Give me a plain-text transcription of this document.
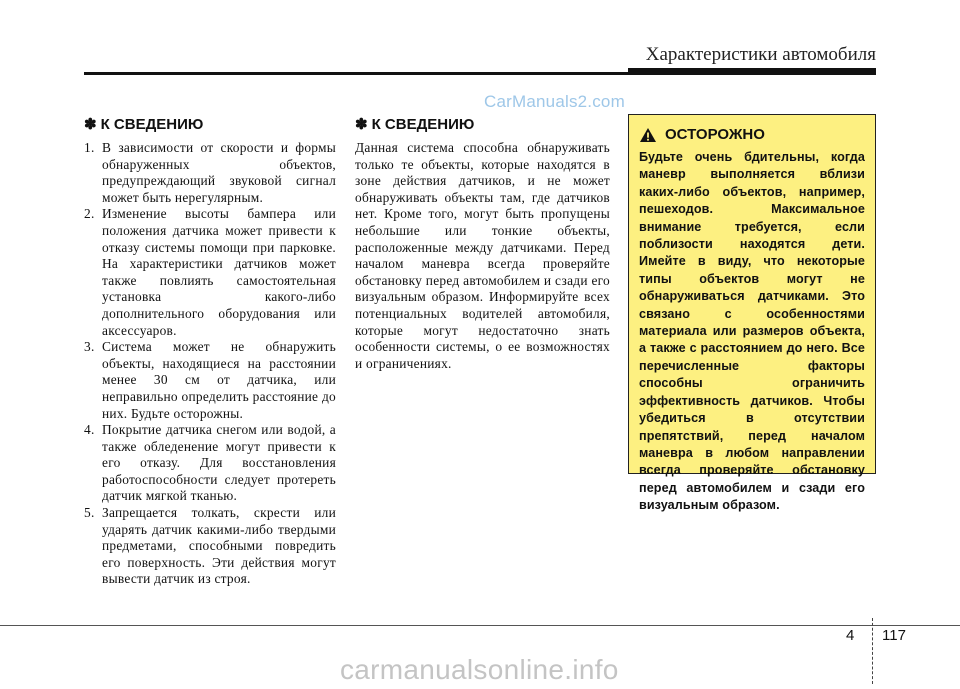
Характеристики автомобиля
CarManuals2.com
✽ К СВЕДЕНИЮ
1. В зависимости от скорости и формы обнаруженных объектов, предупреждающий звуковой сигнал может быть нерегулярным.
2. Изменение высоты бампера или положения датчика может привести к отказу системы помощи при парковке. На характеристики датчиков может также повлиять самостоятельная установка какого-либо дополнительного оборудования или аксессуаров.
3. Система может не обнаружить объекты, находящиеся на расстоянии менее 30 см от датчика, или неправильно определить расстояние до них. Будьте осторожны.
4. Покрытие датчика снегом или водой, а также обледенение могут привести к его отказу. Для восстановления работоспособности следует протереть датчик мягкой тканью.
5. Запрещается толкать, скрести или ударять датчик какими-либо твердыми предметами, способными повредить его поверхность. Эти действия могут вывести датчик из строя.
✽ К СВЕДЕНИЮ

Данная система способна обнаруживать только те объекты, которые находятся в зоне действия датчиков, и не может обнаруживать объекты там, где датчиков нет. Кроме того, могут быть пропущены небольшие или тонкие объекты, расположенные между датчиками. Перед началом маневра всегда проверяйте обстановку перед автомобилем и сзади его визуальным образом. Информируйте всех потенциальных водителей автомобиля, которые могут недостаточно знать особенности системы, о ее возможностях и ограничениях.

ОСТОРОЖНО

Будьте очень бдительны, когда маневр выполняется вблизи каких-либо объектов, например, пешеходов. Максимальное внимание требуется, если поблизости находятся дети. Имейте в виду, что некоторые типы объектов могут не обнаруживаться датчиками. Это связано с особенностями материала или размеров объекта, а также с расстоянием до него. Все перечисленные факторы способны ограничить эффективность датчиков. Чтобы убедиться в отсутствии препятствий, перед началом маневра в любом направлении всегда проверяйте обстановку перед автомобилем и сзади его визуальным образом.

4 117
carmanualsonline.info
